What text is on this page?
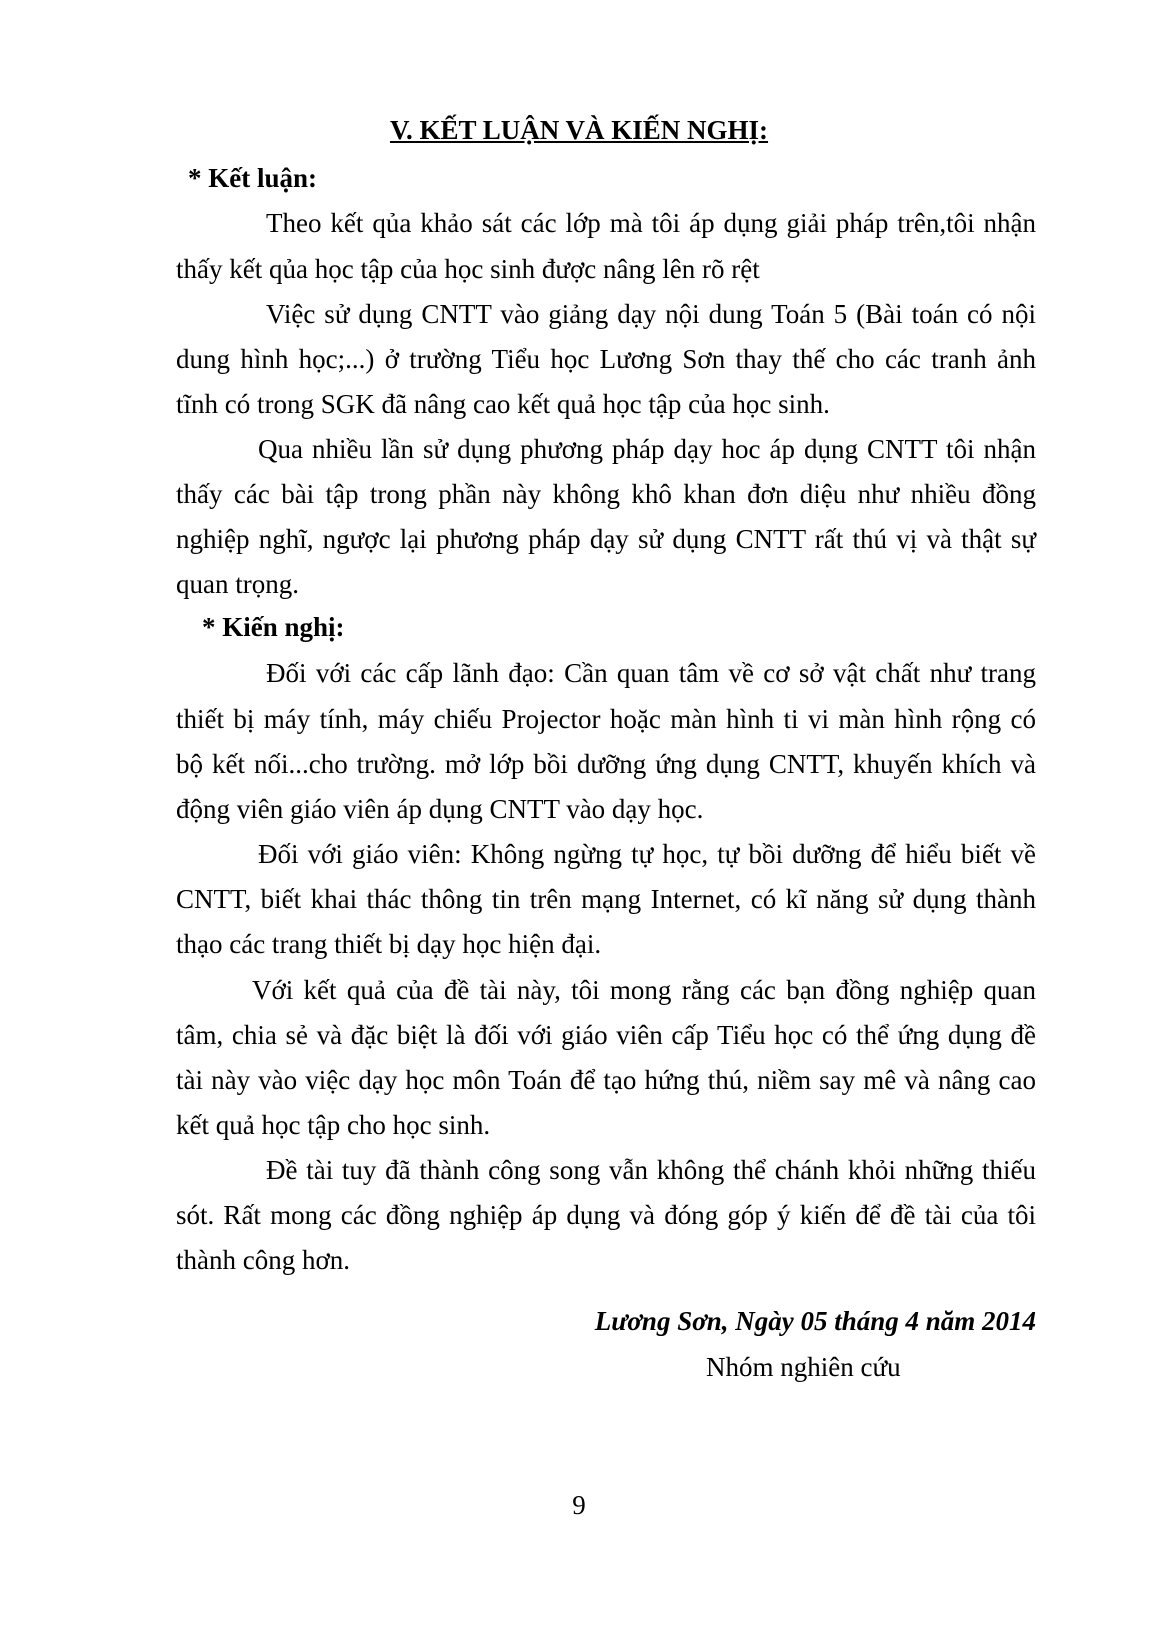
V. KẾT LUẬN VÀ KIẾN NGHỊ:

* Kết luận:

Theo kết qủa khảo sát các lớp mà tôi áp dụng giải pháp trên,tôi nhận

thấy kết qủa học tập của học sinh được nâng lên rõ rệt

Việc sử dụng CNTT vào giảng dạy nội dung Toán 5 (Bài toán có nội

dung hình học;...) ở trường Tiểu học Lương Sơn thay thế cho các tranh ảnh

tĩnh có trong SGK đã nâng cao kết quả học tập của học sinh.

Qua nhiều lần sử dụng phương pháp dạy hoc áp dụng CNTT tôi nhận

thấy các bài tập trong phần này không khô khan đơn diệu như nhiều đồng

nghiệp nghĩ, ngược lại phương pháp dạy sử dụng CNTT rất thú vị và thật sự

quan trọng.

* Kiến nghị:

Đối với các cấp lãnh đạo: Cần quan tâm về cơ sở vật chất như trang

thiết bị máy tính, máy chiếu Projector hoặc màn hình ti vi màn hình rộng có

bộ kết nối...cho trường. mở lớp bồi dưỡng ứng dụng CNTT, khuyến khích và

động viên giáo viên áp dụng CNTT vào dạy học.

Đối với giáo viên: Không ngừng tự học, tự bồi dưỡng để hiểu biết về

CNTT, biết khai thác thông tin trên mạng Internet, có kĩ năng sử dụng thành

thạo các trang thiết bị dạy học hiện đại.

Với kết quả của đề tài này, tôi mong rằng các bạn đồng nghiệp quan

tâm, chia sẻ và đặc biệt là đối với giáo viên cấp Tiểu học có thể ứng dụng đề

tài này vào việc dạy học môn Toán để tạo hứng thú, niềm say mê và nâng cao

kết quả học tập cho học sinh.

Đề tài tuy đã thành công song vẫn không thể chánh khỏi những thiếu

sót. Rất mong các đồng nghiệp áp dụng và đóng góp ý kiến để đề tài của tôi

thành công hơn.

Lương Sơn, Ngày 05 tháng 4 năm 2014

Nhóm nghiên cứu

9
